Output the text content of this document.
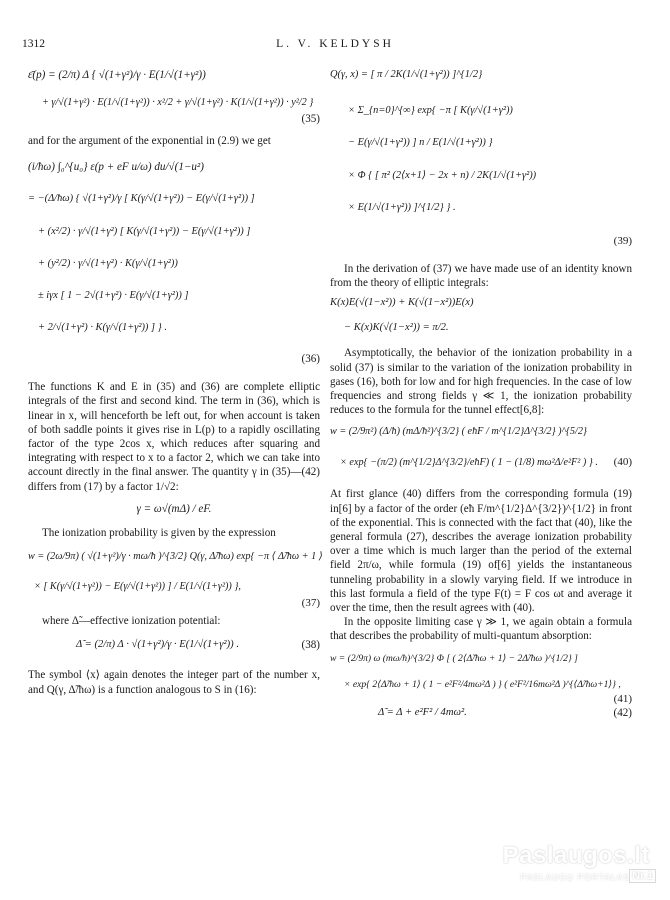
1312	L. V. KELDYSH
ε̄(p) = (2/π) Δ { √(1+γ²)/γ · E(1/√(1+γ²))
+ γ/√(1+γ²) · E(1/√(1+γ²)) · x²/2 + γ/√(1+γ²) · K(1/√(1+γ²)) · y²/2 }
(35)

and for the argument of the exponential in (2.9) we get

(i/ħω) ∫₀^{u₀} ε(p + eF u/ω) du/√(1−u²)
= −(Δ/ħω) { √(1+γ²)/γ [ K(γ/√(1+γ²)) − E(γ/√(1+γ²)) ]
+ (x²/2) · γ/√(1+γ²) [ K(γ/√(1+γ²)) − E(γ/√(1+γ²)) ]
+ (y²/2) · γ/√(1+γ²) · K(γ/√(1+γ²))
± iγx [ 1 − 2√(1+γ²) · E(γ/√(1+γ²)) ]
+ 2/√(1+γ²) · K(γ/√(1+γ²)) ] } .
(36)

The functions K and E in (35) and (36) are complete elliptic integrals of the first and second kind. The term in (36), which is linear in x, will henceforth be left out, for when account is taken of both saddle points it gives rise in L(p) to a rapidly oscillating factor of the type 2cos x, which reduces after squaring and integrating with respect to x to a factor 2, which we can take into account directly in the final answer. The quantity γ in (35)—(42) differs from (17) by a factor 1/√2:

γ = ω√(mΔ) / eF.

The ionization probability is given by the expression

w = (2ω/9π) ( √(1+γ²)/γ · mω/ħ )^{3/2} Q(γ, Δ̃/ħω) exp{ −π ⟨ Δ̃/ħω + 1 ⟩
× [ K(γ/√(1+γ²)) − E(γ/√(1+γ²)) ] / E(1/√(1+γ²)) },
(37)

where Δ̃—effective ionization potential:

Δ̃ = (2/π) Δ · √(1+γ²)/γ · E(1/√(1+γ²)) .	(38)

The symbol ⟨x⟩ again denotes the integer part of the number x, and Q(γ, Δ̃/ħω) is a function analogous to S in (16):

Q(γ, x) = [ π / 2K(1/√(1+γ²)) ]^{1/2}
× Σ_{n=0}^{∞} exp{ −π [ K(γ/√(1+γ²))
− E(γ/√(1+γ²)) ] n / E(1/√(1+γ²)) }
× Φ { [ π² (2⟨x+1⟩ − 2x + n) / 2K(1/√(1+γ²))
× E(1/√(1+γ²)) ]^{1/2} } .
(39)

In the derivation of (37) we have made use of an identity known from the theory of elliptic integrals:

K(x)E(√(1−x²)) + K(√(1−x²))E(x)
− K(x)K(√(1−x²)) = π/2.

Asymptotically, the behavior of the ionization probability in a solid (37) is similar to the variation of the ionization probability in gases (16), both for low and for high frequencies. In the case of low frequencies and strong fields γ ≪ 1, the ionization probability reduces to the formula for the tunnel effect[6,8]:

w = (2/9π²) (Δ/ħ) (mΔ/ħ²)^{3/2} ( eħF / m^{1/2}Δ^{3/2} )^{5/2}
× exp{ −(π/2) (m^{1/2}Δ^{3/2}/eħF) ( 1 − (1/8) mω²Δ/e²F² ) } .	(40)

At first glance (40) differs from the corresponding formula (19) in[6] by a factor of the order (eħ F/m^{1/2}Δ^{3/2})^{1/2} in front of the exponential. This is connected with the fact that (40), like the general formula (27), describes the average ionization probability over a time which is much larger than the period of the external field 2π/ω, while formula (19) of[6] yields the instantaneous tunneling probability in a slowly varying field. If we introduce in this last formula a field of the type F(t) = F cos ωt and average it over the time, then the result agrees with (40).

In the opposite limiting case γ ≫ 1, we again obtain a formula that describes the probability of multi-quantum absorption:

w = (2/9π) ω (mω/ħ)^{3/2} Φ [ ( 2⟨Δ̃/ħω + 1⟩ − 2Δ̃/ħω )^{1/2} ]
× exp{ 2⟨Δ̃/ħω + 1⟩ ( 1 − e²F²/4mω²Δ ) } ( e²F²/16mω²Δ )^{⟨Δ̃/ħω+1⟩} ,
(41)
Δ̃ = Δ + e²F² / 4mω².	(42)
Paslaugos.lt
PASLAUGŲ PORTALAS Nr.1
